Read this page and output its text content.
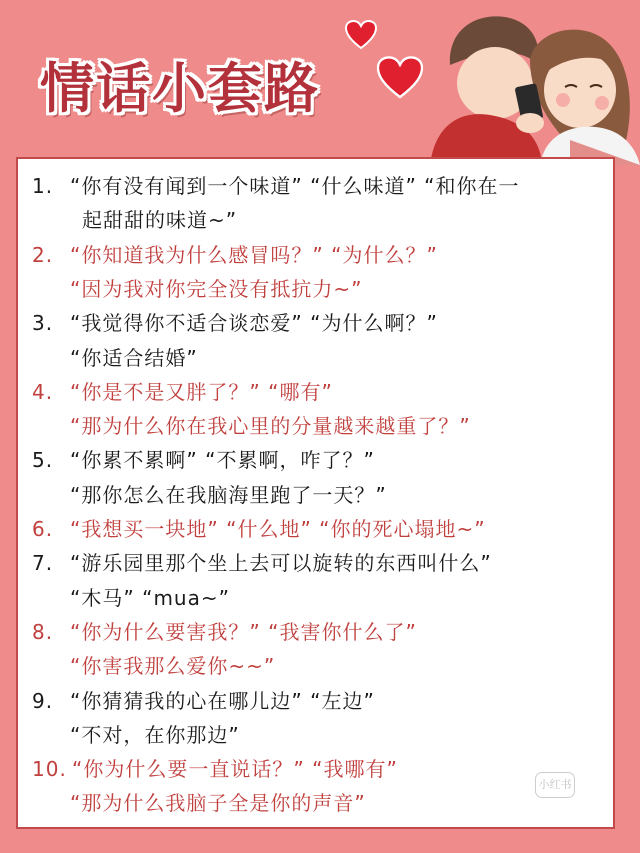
情话小套路
1. “你有没有闻到一个味道” “什么味道” “和你在一
起甜甜的味道~”
2. “你知道我为什么感冒吗？” “为什么？”
“因为我对你完全没有抵抗力~”
3. “我觉得你不适合谈恋爱” “为什么啊？”
“你适合结婚”
4. “你是不是又胖了？” “哪有”
“那为什么你在我心里的分量越来越重了？”
5. “你累不累啊” “不累啊，咋了？”
“那你怎么在我脑海里跑了一天？”
6. “我想买一块地” “什么地” “你的死心塌地~”
7. “游乐园里那个坐上去可以旋转的东西叫什么”
“木马” “mua~”
8. “你为什么要害我？” “我害你什么了”
“你害我那么爱你~~”
9. “你猜猜我的心在哪儿边” “左边”
“不对，在你那边”
10. “你为什么要一直说话？” “我哪有”
“那为什么我脑子全是你的声音”
小红书
小红书号: 203469033
